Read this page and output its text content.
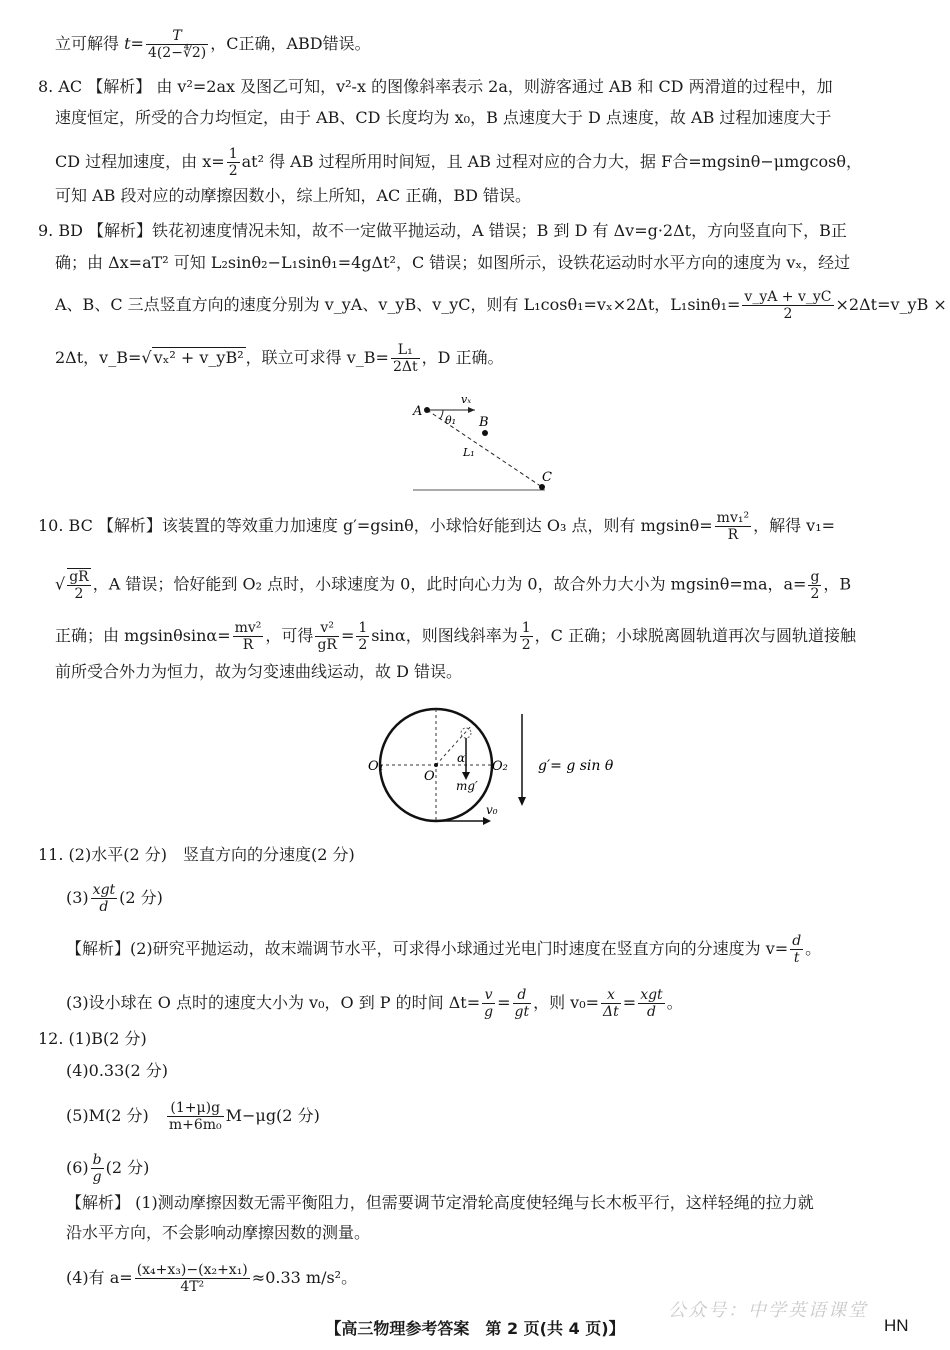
立可解得 $t= \frac{T}{4(2-∜2)}$ ，C正确，ABD错误。
8. AC 【解析】 由 v²=2ax 及图乙可知，v²-x 的图像斜率表示 2a，则游客通过 AB 和 CD 两滑道的过程中，加
速度恒定，所受的合力均恒定，由于 AB、CD 长度均为 x₀，B 点速度大于 D 点速度，故 AB 过程加速度大于
CD 过程加速度，由 $x= \frac{1}{2} at^2$ 得 AB 过程所用时间短，且 AB 过程对应的合力大，据 F合=mgsinθ−μmgcosθ，
可知 AB 段对应的动摩擦因数小，综上所知，AC 正确，BD 错误。
9. BD 【解析】铁花初速度情况未知，故不一定做平抛运动，A 错误；B 到 D 有 Δv=g·2Δt，方向竖直向下，B正
确；由 Δx=aT² 可知 L₂sinθ₂−L₁sinθ₁=4gΔt²，C 错误；如图所示，设铁花运动时水平方向的速度为 vₓ，经过
A、B、C 三点竖直方向的速度分别为 v_yA、v_yB、v_yC，则有 L₁cosθ₁=vₓ×2Δt，$L_1\sin\theta_1= \frac{v\_yA + v\_yC}{2}$ ×2Δt=v_yB ×
2Δt，v_B=√ vₓ² + v_yB² ，联立可求得 v_B= $\frac{\text{L₁}}{2\Delta t}$ ，D 正确。
A
B
C
vₓ
θ₁
L₁
10. BC 【解析】该装置的等效重力加速度 g′=gsinθ，小球恰好能到达 O₃ 点，则有 $mgsin\theta= \frac{\text{mv₁²}}{R}$ ，解得 v₁=
√ $\frac{gR}{2}$ ，A 错误；恰好能到 O₂ 点时，小球速度为 0，此时向心力为 0，故合外力大小为 mgsinθ=ma，$a= \frac{g}{2}$ ，B
正确；由 $mgsin\theta\sin\alpha= \frac{\text{mv²}}{R}$ ，可得 $\frac{\text{v²}}{gR} = \frac{1}{2}$ sinα，则图线斜率为 $\frac{1}{2}$ ，C 正确；小球脱离圆轨道再次与圆轨道接触
前所受合外力为恒力，故为匀变速曲线运动，故 D 错误。
O₁
O
O₂
α
mg′
v₀
g′= g sin θ
11. (2)水平(2 分)　竖直方向的分速度(2 分)
$(3) \frac{\text{xgt}}{d} (2$ 分)
【解析】(2)研究平抛运动，故末端调节水平，可求得小球通过光电门时速度在竖直方向的分速度为 $v= \frac{d}{t}$ 。
(3)设小球在 O 点时的速度大小为 v₀，O 到 P 的时间 $\Delta t= \frac{v}{g} = \frac{d}{gt}$ ，则 $v_0= \frac{x}{\Delta t} = \frac{\text{xgt}}{d}$ 。
12. (1)B(2 分)
(4)0.33(2 分)
(5)M(2 分)　 $\frac{(1+\mu)g}{\text{m+6m₀}} M-\mu g(2$ 分)
$(6) \frac{b}{g} (2$ 分)
【解析】 (1)测动摩擦因数无需平衡阻力，但需要调节定滑轮高度使轻绳与长木板平行，这样轻绳的拉力就
沿水平方向，不会影响动摩擦因数的测量。
(4)有 $a= \frac{\text{(x₄+x₃)−(x₂+x₁)}}{\text{4T²}} \approx 0.33$ m/s²。
公众号：中学英语课堂
【高三物理参考答案　第 2 页(共 4 页)】	HN
